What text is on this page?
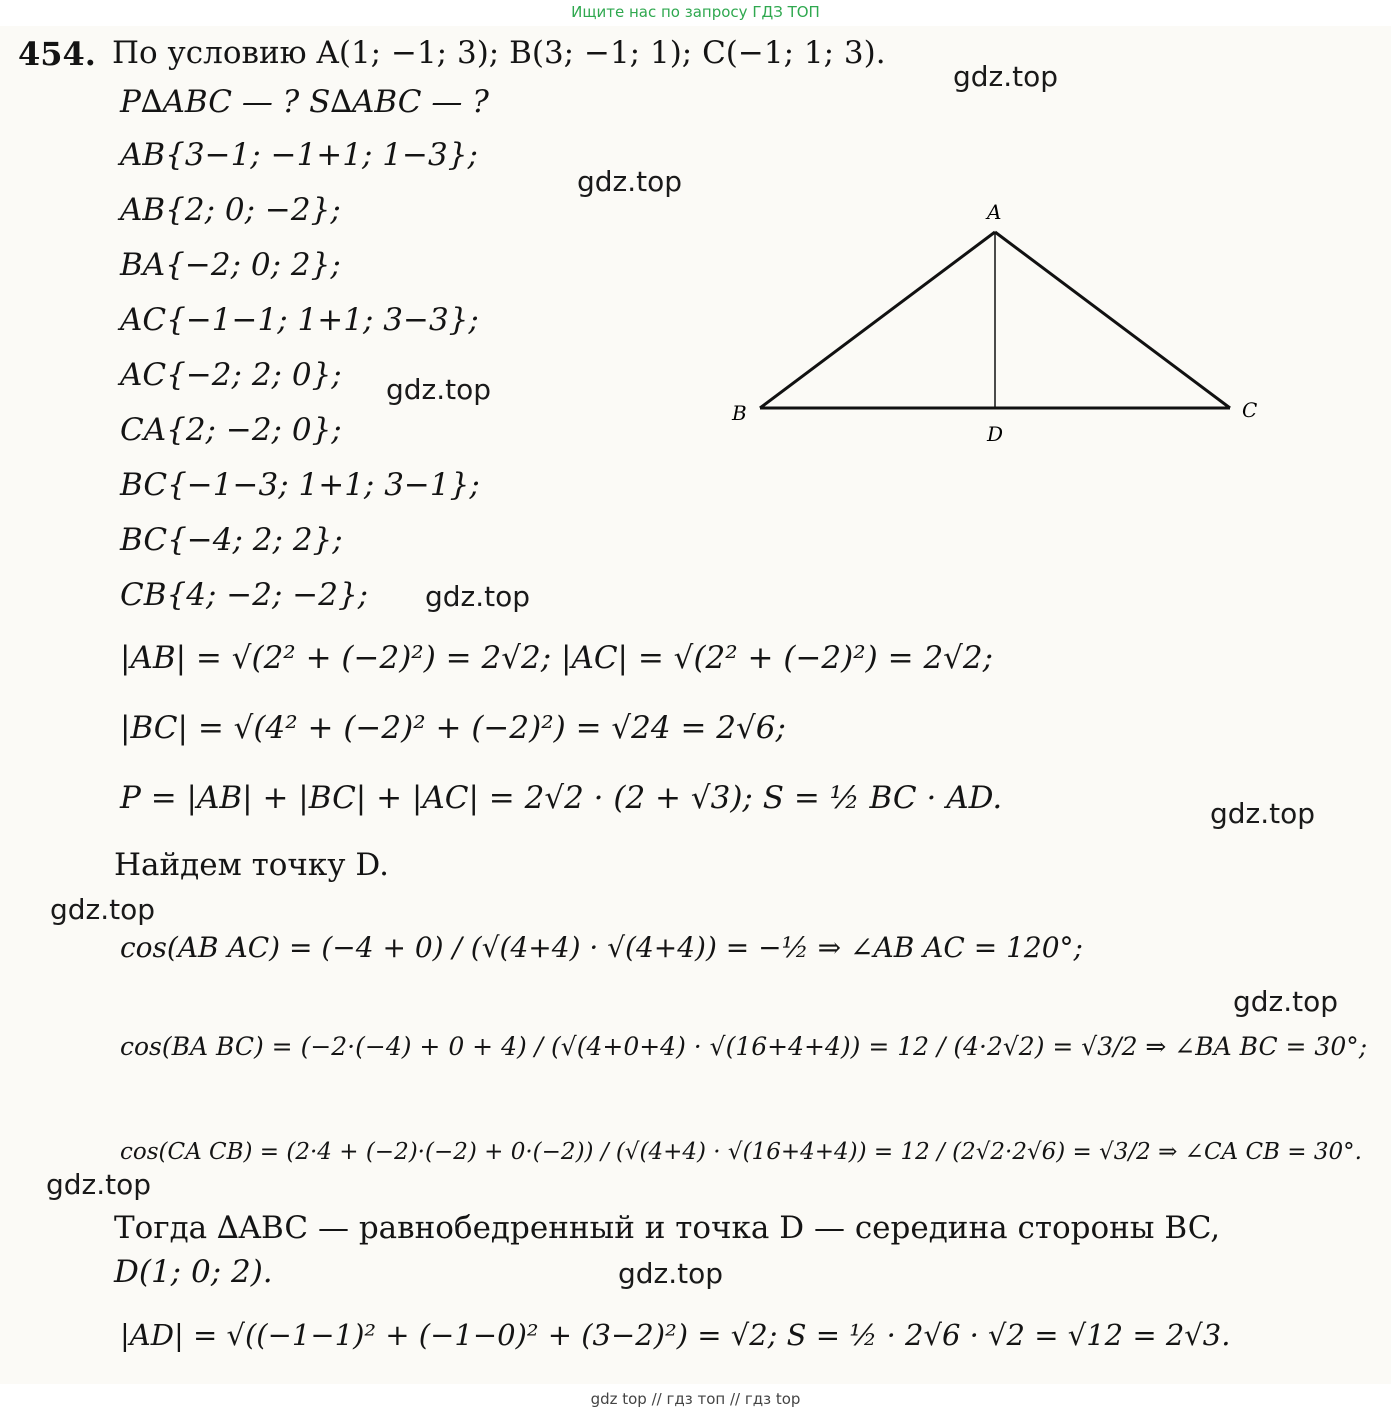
Ищите нас по запросу ГДЗ ТОП
454. По условию A(1; −1; 3); B(3; −1; 1); C(−1; 1; 3).
P∆ABC — ? S∆ABC — ?
AB{3−1; −1+1; 1−3};
AB{2; 0; −2};
BA{−2; 0; 2};
AC{−1−1; 1+1; 3−3};
AC{−2; 2; 0};
CA{2; −2; 0};
BC{−1−3; 1+1; 3−1};
BC{−4; 2; 2};
CB{4; −2; −2};
|AB| = √(2² + (−2)²) = 2√2; |AC| = √(2² + (−2)²) = 2√2;
|BC| = √(4² + (−2)² + (−2)²) = √24 = 2√6;
P = |AB| + |BC| + |AC| = 2√2 · (2 + √3); S = ½ BC · AD.
Найдем точку D.
cos(AB AC) = (−4 + 0) / (√(4+4) · √(4+4)) = −½ ⇒ ∠AB AC = 120°;
cos(BA BC) = (−2·(−4) + 0 + 4) / (√(4+0+4) · √(16+4+4)) = 12 / (4·2√2) = √3/2 ⇒ ∠BA BC = 30°;
cos(CA CB) = (2·4 + (−2)·(−2) + 0·(−2)) / (√(4+4) · √(16+4+4)) = 12 / (2√2·2√6) = √3/2 ⇒ ∠CA CB = 30°.
Тогда ∆ABC — равнобедренный и точка D — середина стороны BC,
D(1; 0; 2).
|AD| = √((−1−1)² + (−1−0)² + (3−2)²) = √2; S = ½ · 2√6 · √2 = √12 = 2√3.
A
B	C
D
gdz.top
gdz.top
gdz.top
gdz.top
gdz.top
gdz.top
gdz.top
gdz.top
gdz.top
gdz top // гдз топ // гдз top
